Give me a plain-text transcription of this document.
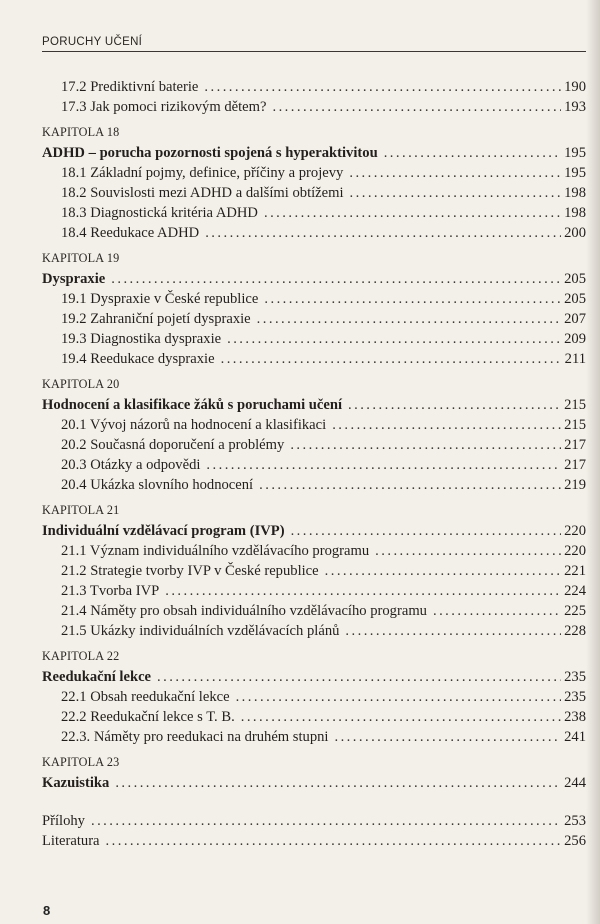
PORUCHY UČENÍ
17.2 Prediktivní baterie . . .	190
17.3 Jak pomoci rizikovým dětem? . . .	193
KAPITOLA 18
ADHD – porucha pozornosti spojená s hyperaktivitou . . .	195
18.1 Základní pojmy, definice, příčiny a projevy . . .	195
18.2 Souvislosti mezi ADHD a dalšími obtížemi . . .	198
18.3 Diagnostická kritéria ADHD . . .	198
18.4 Reedukace ADHD . . .	200
KAPITOLA 19
Dyspraxie . . .	205
19.1 Dyspraxie v České republice . . .	205
19.2 Zahraniční pojetí dyspraxie . . .	207
19.3 Diagnostika dyspraxie . . .	209
19.4 Reedukace dyspraxie . . .	211
KAPITOLA 20
Hodnocení a klasifikace žáků s poruchami učení . . .	215
20.1 Vývoj názorů na hodnocení a klasifikaci . . .	215
20.2 Současná doporučení a problémy . . .	217
20.3 Otázky a odpovědi . . .	217
20.4 Ukázka slovního hodnocení . . .	219
KAPITOLA 21
Individuální vzdělávací program (IVP) . . .	220
21.1 Význam individuálního vzdělávacího programu . . .	220
21.2 Strategie tvorby IVP v České republice . . .	221
21.3 Tvorba IVP . . .	224
21.4 Náměty pro obsah individuálního vzdělávacího programu . . .	225
21.5 Ukázky individuálních vzdělávacích plánů . . .	228
KAPITOLA 22
Reedukační lekce . . .	235
22.1 Obsah reedukační lekce . . .	235
22.2 Reedukační lekce s T. B. . . .	238
22.3. Náměty pro reedukaci na druhém stupni . . .	241
KAPITOLA 23
Kazuistika . . .	244
Přílohy . . .	253
Literatura . . .	256
8
